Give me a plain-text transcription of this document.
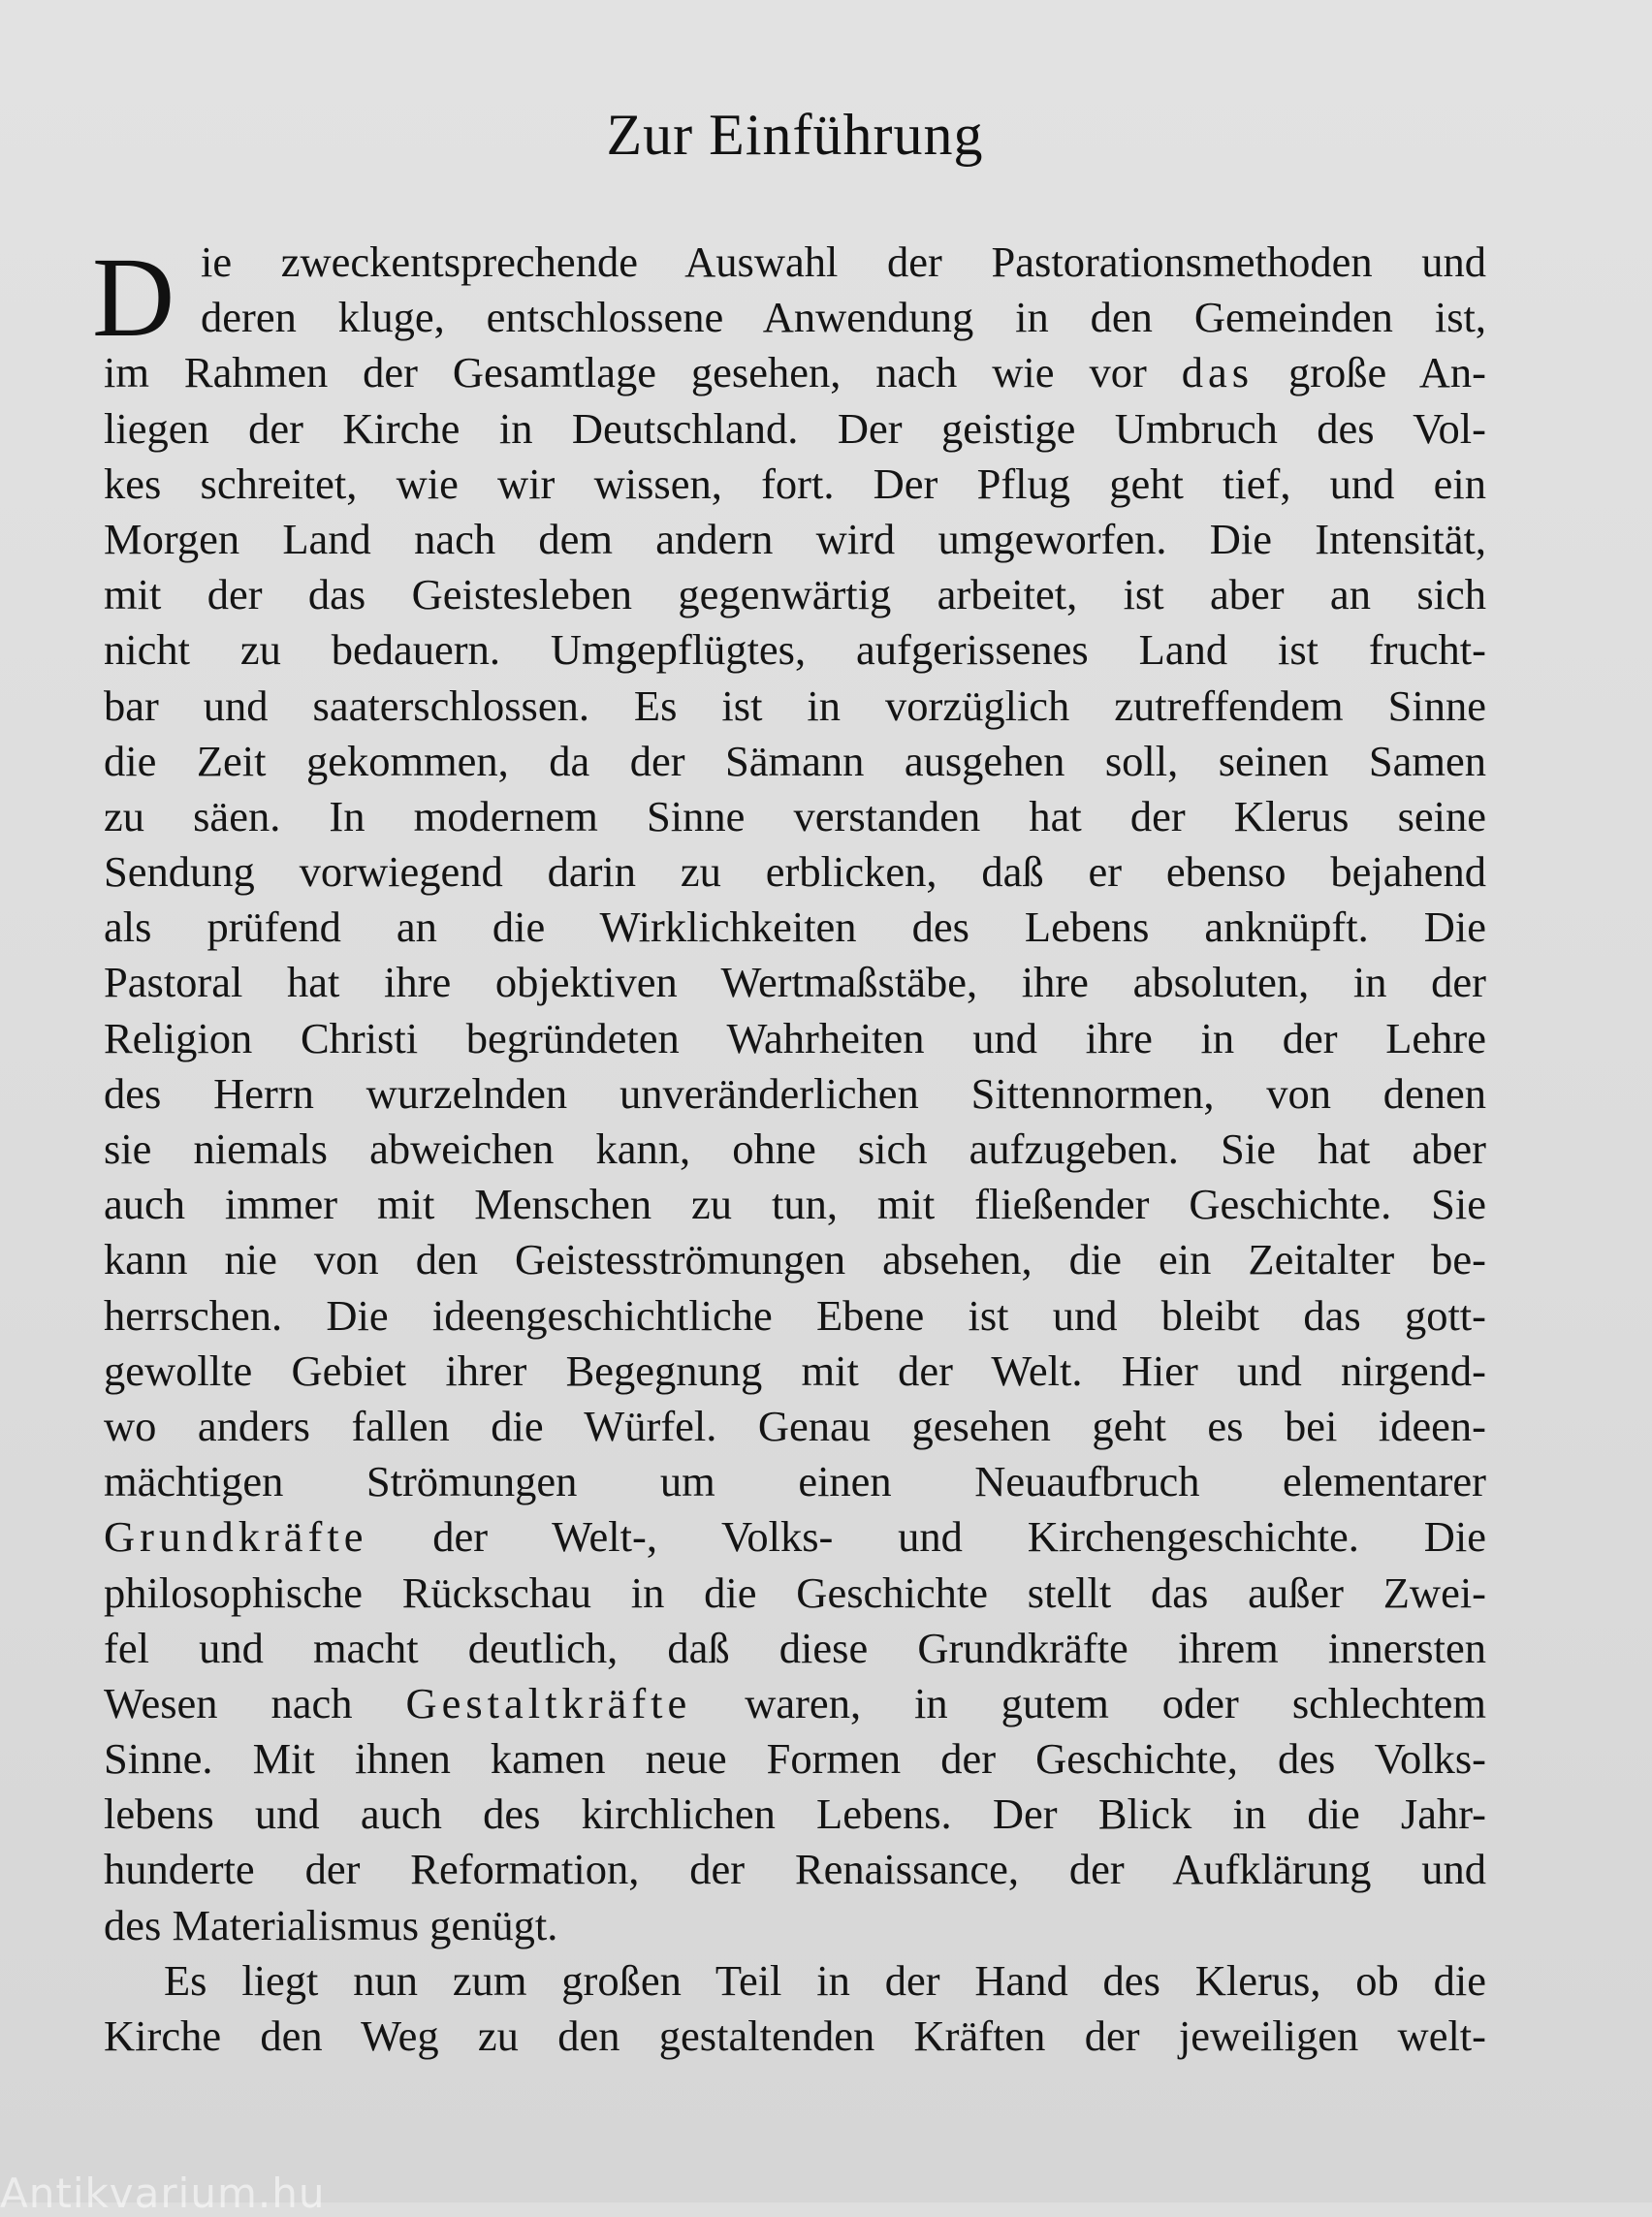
Zur Einführung
D ie zweckentsprechende Auswahl der Pastorationsmethoden und
deren kluge, entschlossene Anwendung in den Gemeinden ist,
im Rahmen der Gesamtlage gesehen, nach wie vor das große An-
liegen der Kirche in Deutschland. Der geistige Umbruch des Vol-
kes schreitet, wie wir wissen, fort. Der Pflug geht tief, und ein
Morgen Land nach dem andern wird umgeworfen. Die Intensität,
mit der das Geistesleben gegenwärtig arbeitet, ist aber an sich
nicht zu bedauern. Umgepflügtes, aufgerissenes Land ist frucht-
bar und saaterschlossen. Es ist in vorzüglich zutreffendem Sinne
die Zeit gekommen, da der Sämann ausgehen soll, seinen Samen
zu säen. In modernem Sinne verstanden hat der Klerus seine
Sendung vorwiegend darin zu erblicken, daß er ebenso bejahend
als prüfend an die Wirklichkeiten des Lebens anknüpft. Die
Pastoral hat ihre objektiven Wertmaßstäbe, ihre absoluten, in der
Religion Christi begründeten Wahrheiten und ihre in der Lehre
des Herrn wurzelnden unveränderlichen Sittennormen, von denen
sie niemals abweichen kann, ohne sich aufzugeben. Sie hat aber
auch immer mit Menschen zu tun, mit fließender Geschichte. Sie
kann nie von den Geistesströmungen absehen, die ein Zeitalter be-
herrschen. Die ideengeschichtliche Ebene ist und bleibt das gott-
gewollte Gebiet ihrer Begegnung mit der Welt. Hier und nirgend-
wo anders fallen die Würfel. Genau gesehen geht es bei ideen-
mächtigen Strömungen um einen Neuaufbruch elementarer
Grundkräfte der Welt-, Volks- und Kirchengeschichte. Die
philosophische Rückschau in die Geschichte stellt das außer Zwei-
fel und macht deutlich, daß diese Grundkräfte ihrem innersten
Wesen nach Gestaltkräfte waren, in gutem oder schlechtem
Sinne. Mit ihnen kamen neue Formen der Geschichte, des Volks-
lebens und auch des kirchlichen Lebens. Der Blick in die Jahr-
hunderte der Reformation, der Renaissance, der Aufklärung und
des Materialismus genügt.
Es liegt nun zum großen Teil in der Hand des Klerus, ob die
Kirche den Weg zu den gestaltenden Kräften der jeweiligen welt-
Antikvarium.hu
